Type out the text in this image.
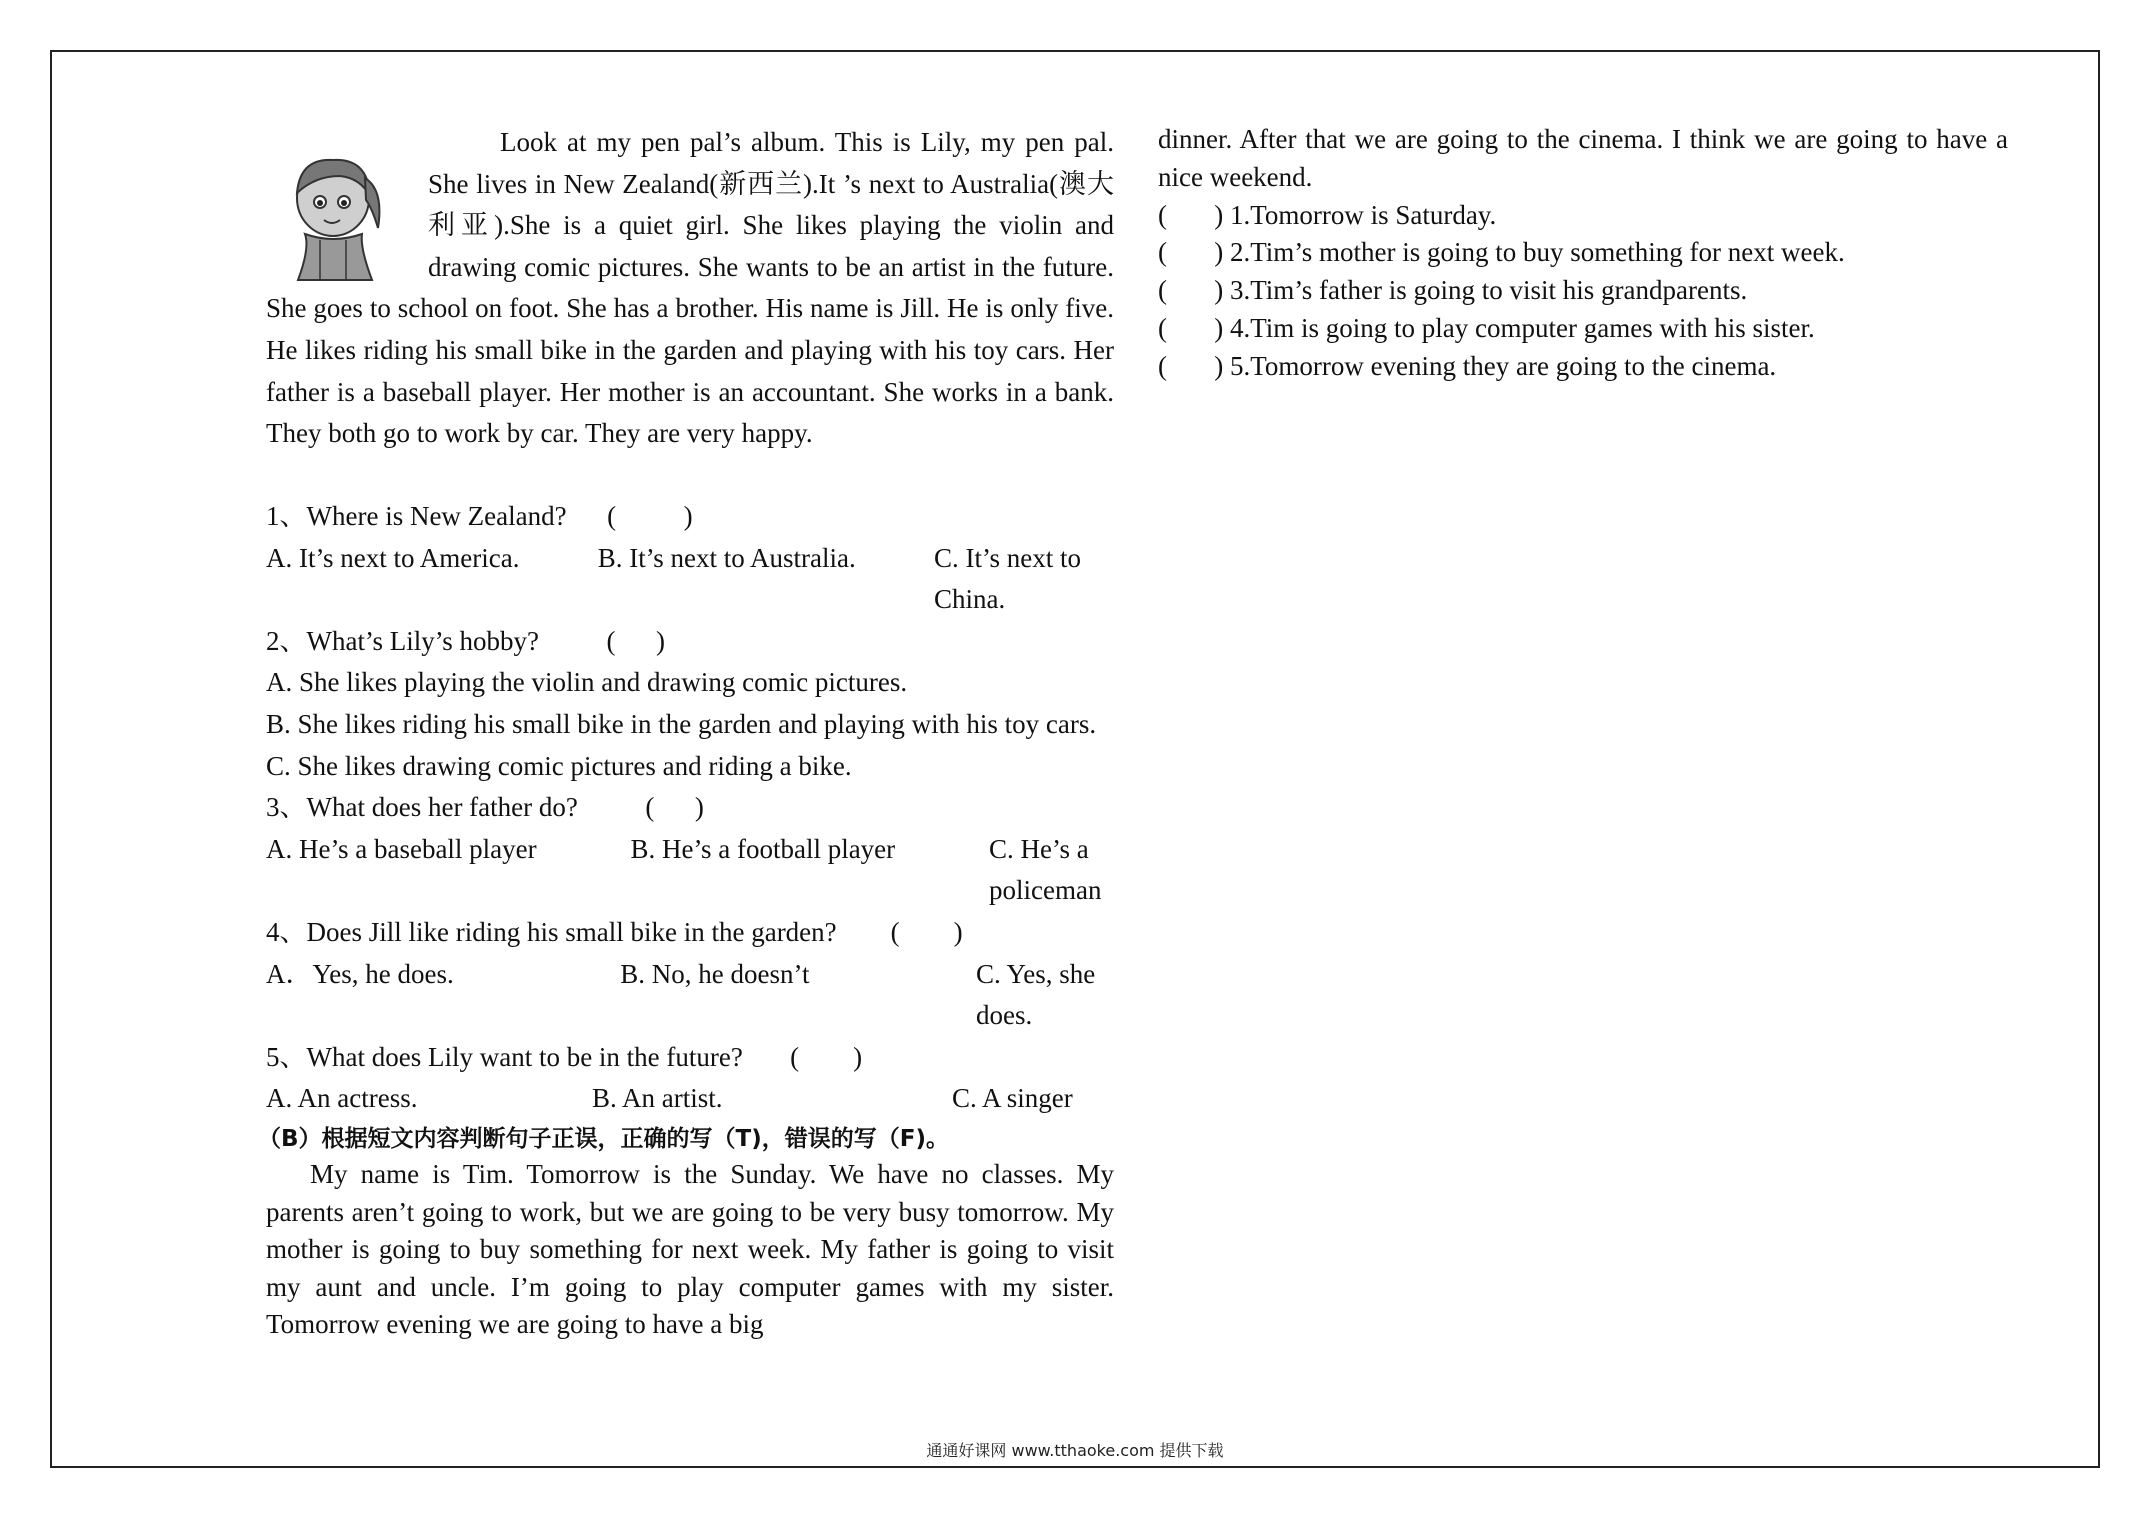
Look at my pen pal’s album. This is Lily, my pen pal. She lives in New Zealand(新西兰).It ’s next to Australia(澳大利亚).She is a quiet girl. She likes playing the violin and drawing comic pictures. She wants to be an artist in the future. She goes to school on foot. She has a brother. His name is Jill. He is only five. He likes riding his small bike in the garden and playing with his toy cars. Her father is a baseball player. Her mother is an accountant. She works in a bank. They both go to work by car. They are very happy.
1、Where is New Zealand?      (          )
A. It’s next to America.	B. It’s next to Australia.	C. It’s next to China.
2、What’s Lily’s hobby?          (      )
A. She likes playing the violin and drawing comic pictures.
B. She likes riding his small bike in the garden and playing with his toy cars.
C. She likes drawing comic pictures and riding a bike.
3、What does her father do?          (      )
A. He’s a baseball player	B. He’s a football player	C. He’s a policeman
4、Does Jill like riding his small bike in the garden?        (        )
A．Yes, he does.	B. No, he doesn’t	C. Yes, she does.
5、What does Lily want to be in the future?       (        )
A. An actress.	B. An artist.	C. A singer
（B）根据短文内容判断句子正误，正确的写（T)，错误的写（F)。
My name is Tim. Tomorrow is the Sunday. We have no classes. My parents aren’t going to work, but we are going to be very busy tomorrow. My mother is going to buy something for next week. My father is going to visit my aunt and uncle. I’m going to play computer games with my sister. Tomorrow evening we are going to have a big
dinner. After that we are going to the cinema. I think we are going to have a nice weekend.
(       ) 1.Tomorrow is Saturday.
(       ) 2.Tim’s mother is going to buy something for next week.
(       ) 3.Tim’s father is going to visit his grandparents.
(       ) 4.Tim is going to play computer games with his sister.
(       ) 5.Tomorrow evening they are going to the cinema.
通通好课网 www.tthaoke.com 提供下载
